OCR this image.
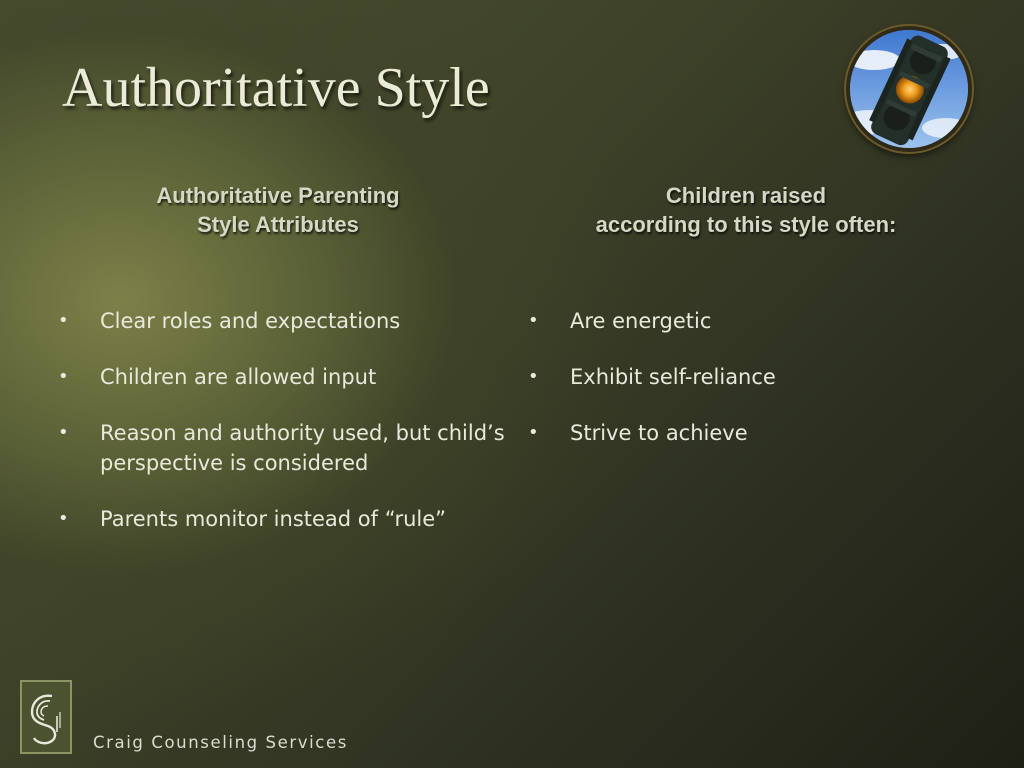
Authoritative Style
Authoritative Parenting
Style Attributes
Children raised
according to this style often:
• Clear roles and expectations
• Children are allowed input
• Reason and authority used, but child’s perspective is considered
• Parents monitor instead of “rule”
• Are energetic
• Exhibit self-reliance
• Strive to achieve

Craig Counseling Services
